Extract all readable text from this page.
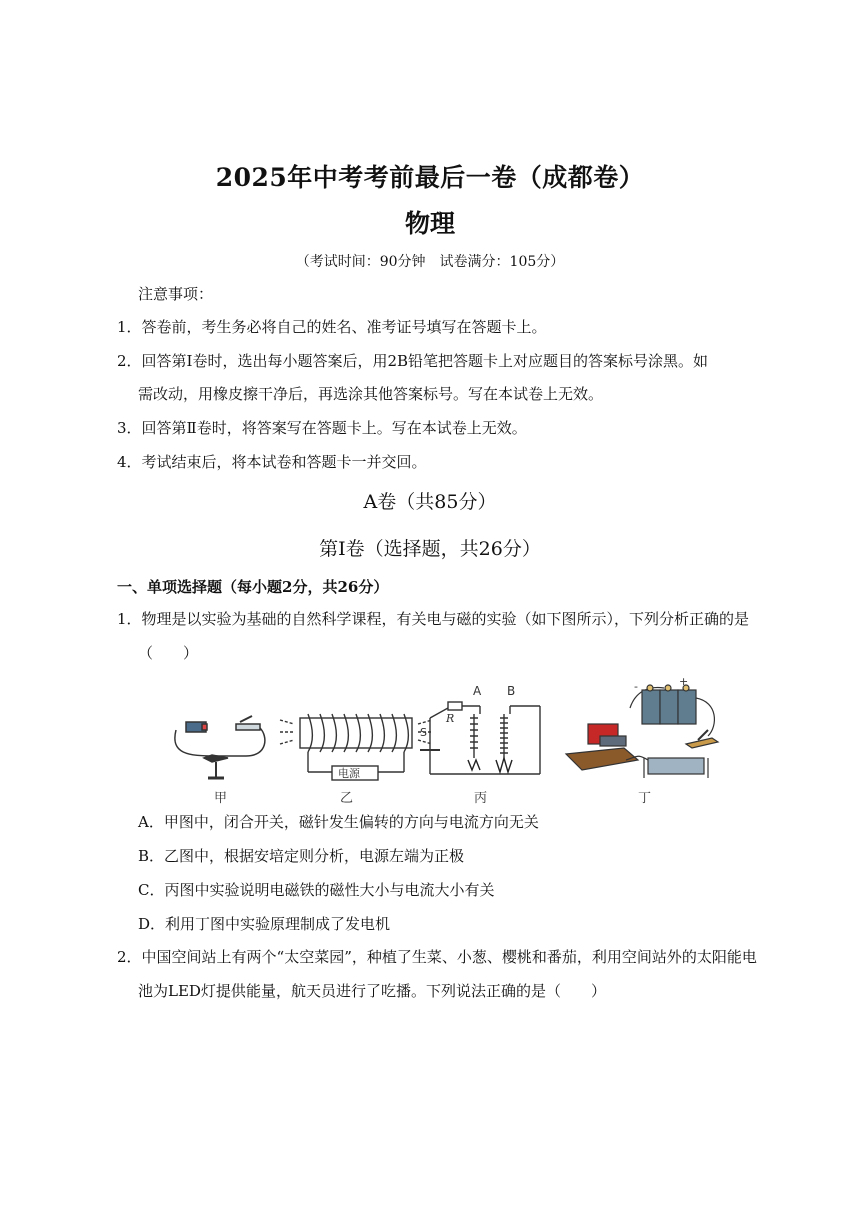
2025年中考考前最后一卷（成都卷）
物理
（考试时间：90分钟　试卷满分：105分）
注意事项：
1．答卷前，考生务必将自己的姓名、准考证号填写在答题卡上。
2．回答第Ⅰ卷时，选出每小题答案后，用2B铅笔把答题卡上对应题目的答案标号涂黑。如
需改动，用橡皮擦干净后，再选涂其他答案标号。写在本试卷上无效。
3．回答第Ⅱ卷时，将答案写在答题卡上。写在本试卷上无效。
4．考试结束后，将本试卷和答题卡一并交回。
A卷（共85分）
第Ⅰ卷（选择题，共26分）
一、单项选择题（每小题2分，共26分）
1．物理是以实验为基础的自然科学课程，有关电与磁的实验（如下图所示），下列分析正确的是
（　　）
甲
电源
乙
A B
R
S
丙	丁
-	+
A．甲图中，闭合开关，磁针发生偏转的方向与电流方向无关
B．乙图中，根据安培定则分析，电源左端为正极
C．丙图中实验说明电磁铁的磁性大小与电流大小有关
D．利用丁图中实验原理制成了发电机
2．中国空间站上有两个“太空菜园”，种植了生菜、小葱、樱桃和番茄，利用空间站外的太阳能电
池为LED灯提供能量，航天员进行了吃播。下列说法正确的是（　　）
